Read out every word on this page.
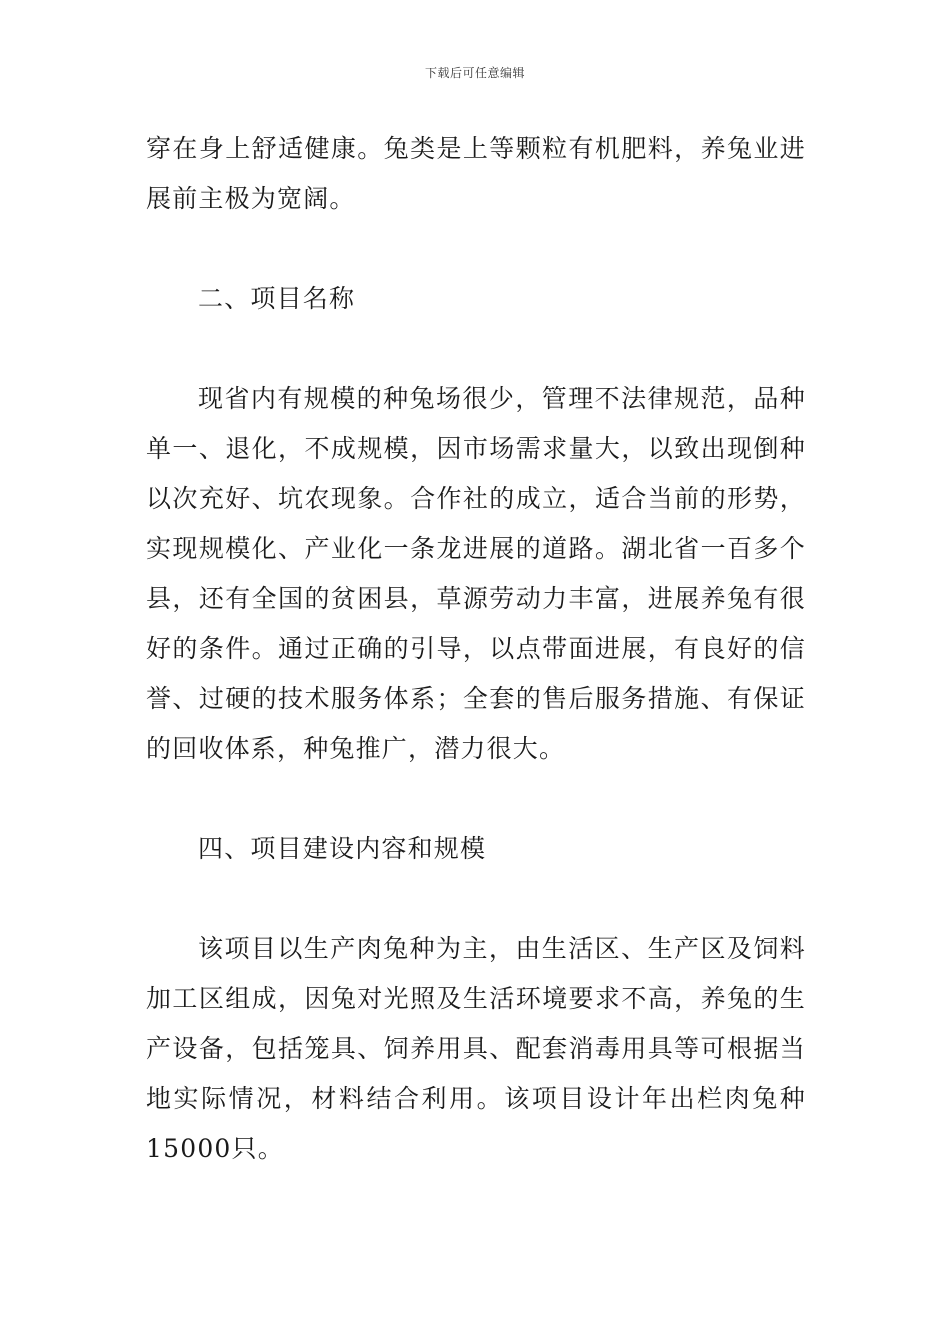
下载后可任意编辑

穿在身上舒适健康。兔类是上等颗粒有机肥料，养兔业进展前主极为宽阔。

二、项目名称

现省内有规模的种兔场很少，管理不法律规范，品种单一、退化，不成规模，因市场需求量大，以致出现倒种以次充好、坑农现象。合作社的成立，适合当前的形势，实现规模化、产业化一条龙进展的道路。湖北省一百多个县，还有全国的贫困县，草源劳动力丰富，进展养兔有很好的条件。通过正确的引导，以点带面进展，有良好的信誉、过硬的技术服务体系；全套的售后服务措施、有保证的回收体系，种兔推广，潜力很大。

四、项目建设内容和规模

该项目以生产肉兔种为主，由生活区、生产区及饲料加工区组成，因兔对光照及生活环境要求不高，养兔的生产设备，包括笼具、饲养用具、配套消毒用具等可根据当地实际情况，材料结合利用。该项目设计年出栏肉兔种15000只。
